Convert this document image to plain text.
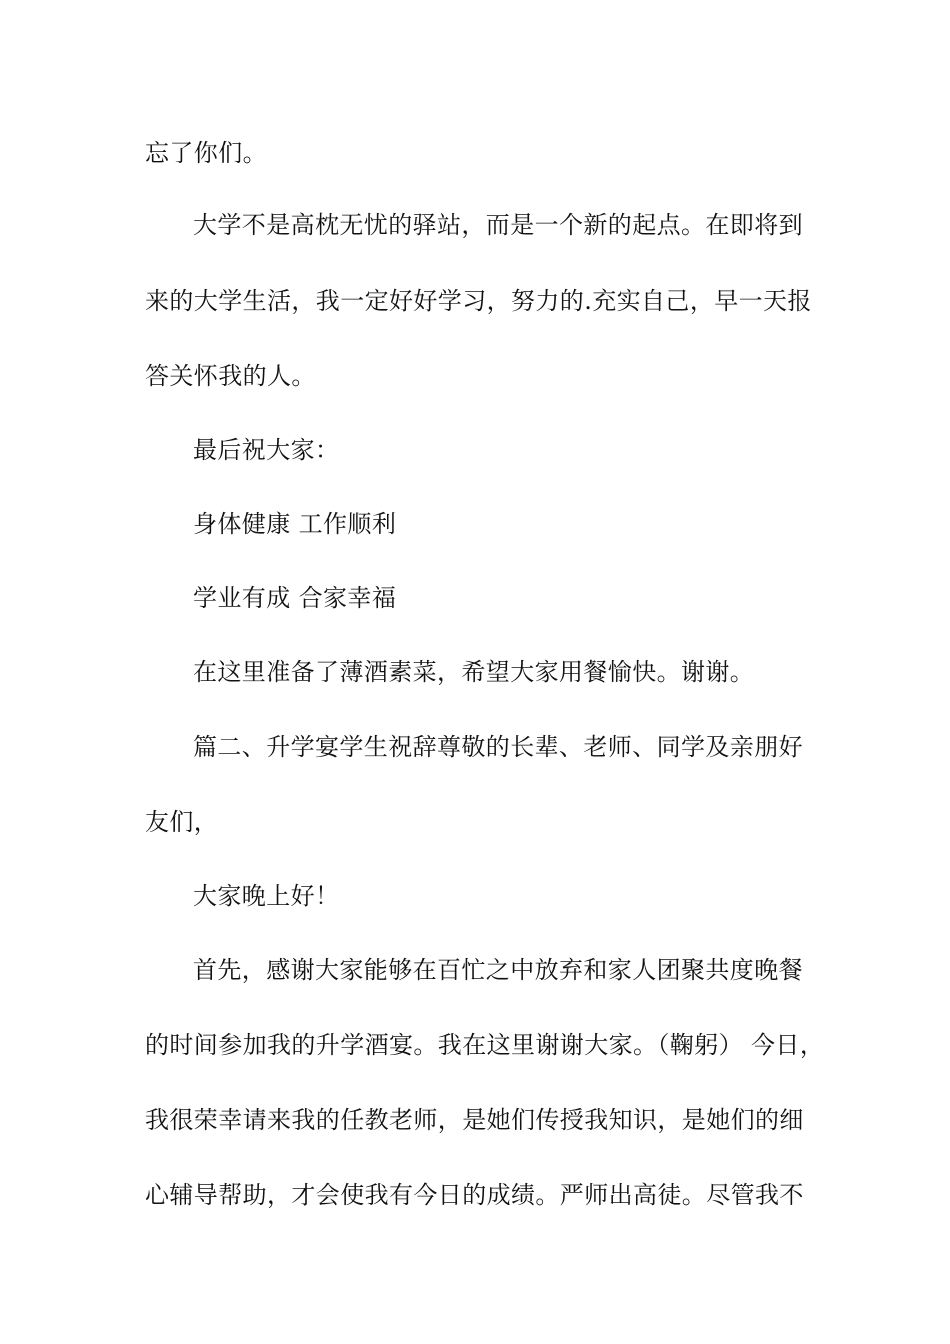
忘了你们。
大学不是高枕无忧的驿站，而是一个新的起点。在即将到
来的大学生活，我一定好好学习，努力的.充实自己，早一天报
答关怀我的人。
最后祝大家：
身体健康 工作顺利
学业有成 合家幸福
在这里准备了薄酒素菜，希望大家用餐愉快。谢谢。
篇二、升学宴学生祝辞尊敬的长辈、老师、同学及亲朋好
友们，
大家晚上好！
首先，感谢大家能够在百忙之中放弃和家人团聚共度晚餐
的时间参加我的升学酒宴。我在这里谢谢大家。（鞠躬） 今日，
我很荣幸请来我的任教老师，是她们传授我知识，是她们的细
心辅导帮助，才会使我有今日的成绩。严师出高徒。尽管我不
